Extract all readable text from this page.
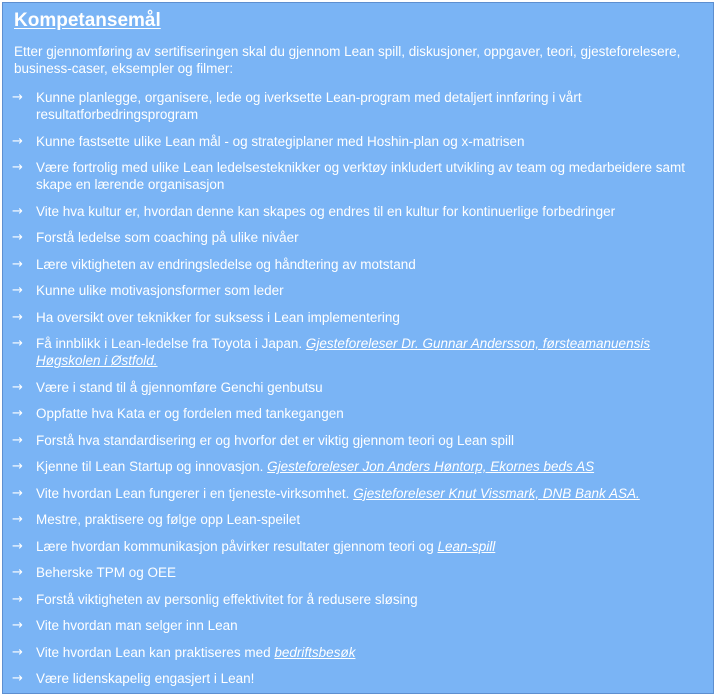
Kompetansemål

Etter gjennomføring av sertifiseringen skal du gjennom Lean spill, diskusjoner, oppgaver, teori, gjesteforelesere, business-caser, eksempler og filmer:

→ Kunne planlegge, organisere, lede og iverksette Lean-program med detaljert innføring i vårt resultatforbedringsprogram
→ Kunne fastsette ulike Lean mål - og strategiplaner med Hoshin-plan og x-matrisen
→ Være fortrolig med ulike Lean ledelsesteknikker og verktøy inkludert utvikling av team og medarbeidere samt skape en lærende organisasjon
→ Vite hva kultur er, hvordan denne kan skapes og endres til en kultur for kontinuerlige forbedringer
→ Forstå ledelse som coaching på ulike nivåer
→ Lære viktigheten av endringsledelse og håndtering av motstand
→ Kunne ulike motivasjonsformer som leder
→ Ha oversikt over teknikker for suksess i Lean implementering
→ Få innblikk i Lean-ledelse fra Toyota i Japan. Gjesteforeleser Dr. Gunnar Andersson, førsteamanuensis Høgskolen i Østfold.
→ Være i stand til å gjennomføre Genchi genbutsu
→ Oppfatte hva Kata er og fordelen med tankegangen
→ Forstå hva standardisering er og hvorfor det er viktig gjennom teori og Lean spill
→ Kjenne til Lean Startup og innovasjon. Gjesteforeleser Jon Anders Høntorp, Ekornes beds AS
→ Vite hvordan Lean fungerer i en tjeneste-virksomhet. Gjesteforeleser Knut Vissmark, DNB Bank ASA.
→ Mestre, praktisere og følge opp Lean-speilet
→ Lære hvordan kommunikasjon påvirker resultater gjennom teori og Lean-spill
→ Beherske TPM og OEE
→ Forstå viktigheten av personlig effektivitet for å redusere sløsing
→ Vite hvordan man selger inn Lean
→ Vite hvordan Lean kan praktiseres med bedriftsbesøk
→ Være lidenskapelig engasjert i Lean!
